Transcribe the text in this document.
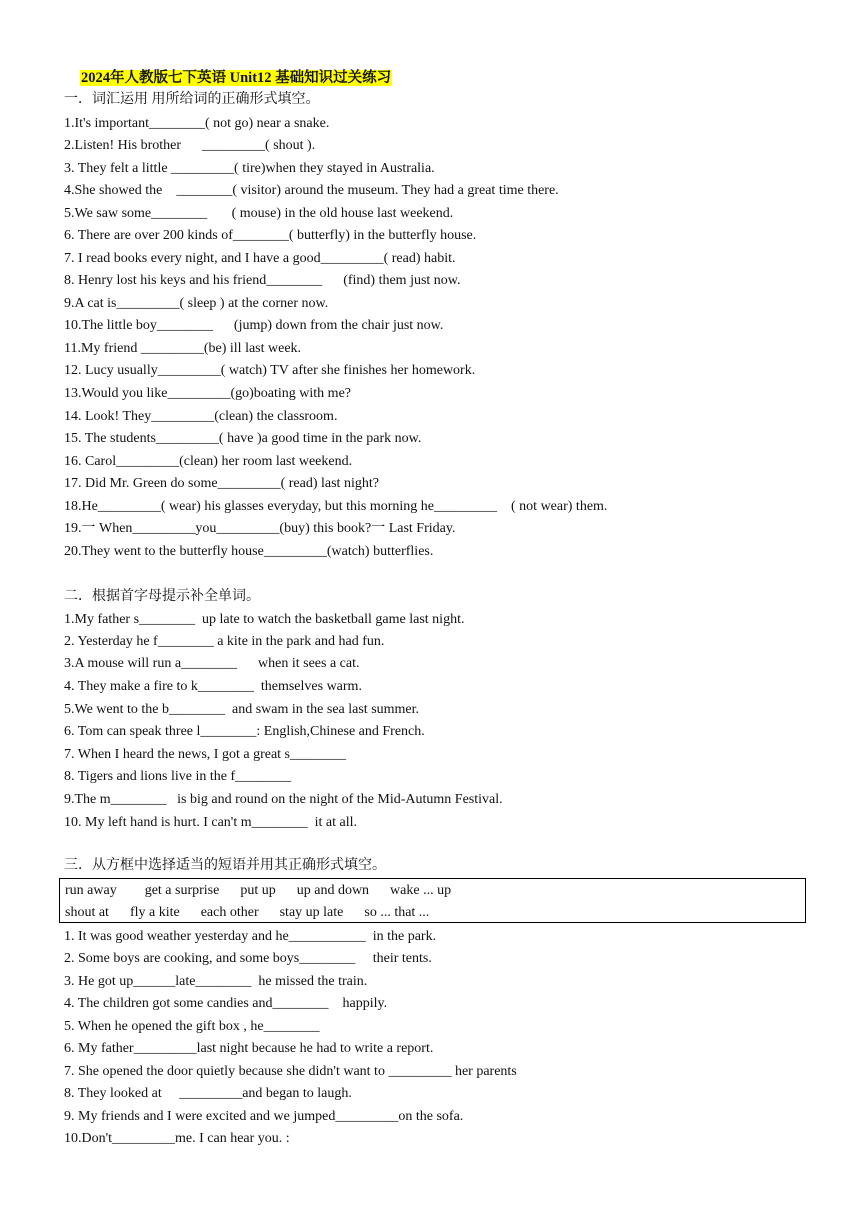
2024年人教版七下英语 Unit12 基础知识过关练习
一．词汇运用 用所给词的正确形式填空。
1.It's important________( not go) near a snake.
2.Listen! His brother      _________( shout ).
3. They felt a little _________( tire)when they stayed in Australia.
4.She showed the    ________( visitor) around the museum. They had a great time there.
5.We saw some________       ( mouse) in the old house last weekend.
6. There are over 200 kinds of________( butterfly) in the butterfly house.
7. I read books every night, and I have a good_________( read) habit.
8. Henry lost his keys and his friend________      (find) them just now.
9.A cat is_________( sleep ) at the corner now.
10.The little boy________      (jump) down from the chair just now.
11.My friend _________(be) ill last week.
12. Lucy usually_________( watch) TV after she finishes her homework.
13.Would you like_________(go)boating with me?
14. Look! They_________(clean) the classroom.
15. The students_________( have )a good time in the park now.
16. Carol_________(clean) her room last weekend.
17. Did Mr. Green do some_________( read) last night?
18.He_________( wear) his glasses everyday, but this morning he_________    ( not wear) them.
19.一 When_________you_________(buy) this book?一 Last Friday.
20.They went to the butterfly house_________(watch) butterflies.
二．根据首字母提示补全单词。
1.My father s________  up late to watch the basketball game last night.
2. Yesterday he f________ a kite in the park and had fun.
3.A mouse will run a________      when it sees a cat.
4. They make a fire to k________  themselves warm.
5.We went to the b________  and swam in the sea last summer.
6. Tom can speak three l________: English,Chinese and French.
7. When I heard the news, I got a great s________
8. Tigers and lions live in the f________
9.The m________   is big and round on the night of the Mid-Autumn Festival.
10. My left hand is hurt. I can't m________  it at all.
三．从方框中选择适当的短语并用其正确形式填空。
run away        get a surprise      put up      up and down      wake ... up
shout at      fly a kite      each other      stay up late      so ... that ...
1. It was good weather yesterday and he___________  in the park.
2. Some boys are cooking, and some boys________     their tents.
3. He got up______late________  he missed the train.
4. The children got some candies and________    happily.
5. When he opened the gift box , he________
6. My father_________last night because he had to write a report.
7. She opened the door quietly because she didn't want to _________ her parents
8. They looked at     _________and began to laugh.
9. My friends and I were excited and we jumped_________on the sofa.
10.Don't_________me. I can hear you. :
